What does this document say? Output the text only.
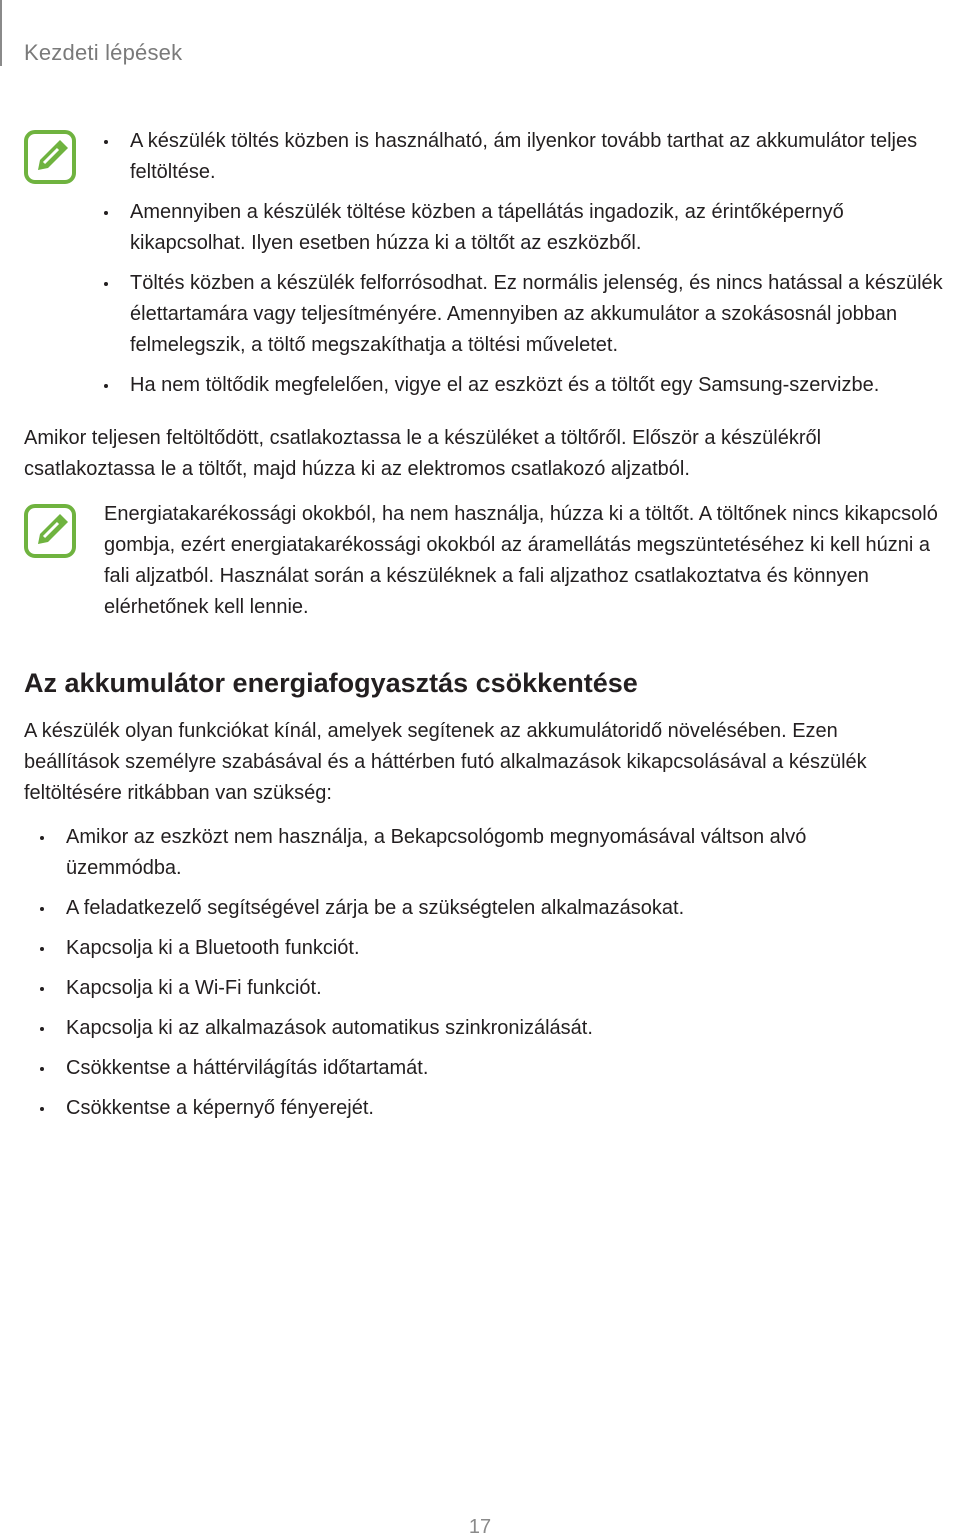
Kezdeti lépések
A készülék töltés közben is használható, ám ilyenkor tovább tarthat az akkumulátor teljes feltöltése.
Amennyiben a készülék töltése közben a tápellátás ingadozik, az érintőképernyő kikapcsolhat. Ilyen esetben húzza ki a töltőt az eszközből.
Töltés közben a készülék felforrósodhat. Ez normális jelenség, és nincs hatással a készülék élettartamára vagy teljesítményére. Amennyiben az akkumulátor a szokásosnál jobban felmelegszik, a töltő megszakíthatja a töltési műveletet.
Ha nem töltődik megfelelően, vigye el az eszközt és a töltőt egy Samsung-szervizbe.

Amikor teljesen feltöltődött, csatlakoztassa le a készüléket a töltőről. Először a készülékről csatlakoztassa le a töltőt, majd húzza ki az elektromos csatlakozó aljzatból.

Energiatakarékossági okokból, ha nem használja, húzza ki a töltőt. A töltőnek nincs kikapcsoló gombja, ezért energiatakarékossági okokból az áramellátás megszüntetéséhez ki kell húzni a fali aljzatból. Használat során a készüléknek a fali aljzathoz csatlakoztatva és könnyen elérhetőnek kell lennie.

Az akkumulátor energiafogyasztás csökkentése

A készülék olyan funkciókat kínál, amelyek segítenek az akkumulátoridő növelésében. Ezen beállítások személyre szabásával és a háttérben futó alkalmazások kikapcsolásával a készülék feltöltésére ritkábban van szükség:

Amikor az eszközt nem használja, a Bekapcsológomb megnyomásával váltson alvó üzemmódba.
A feladatkezelő segítségével zárja be a szükségtelen alkalmazásokat.
Kapcsolja ki a Bluetooth funkciót.
Kapcsolja ki a Wi-Fi funkciót.
Kapcsolja ki az alkalmazások automatikus szinkronizálását.
Csökkentse a háttérvilágítás időtartamát.
Csökkentse a képernyő fényerejét.
17
